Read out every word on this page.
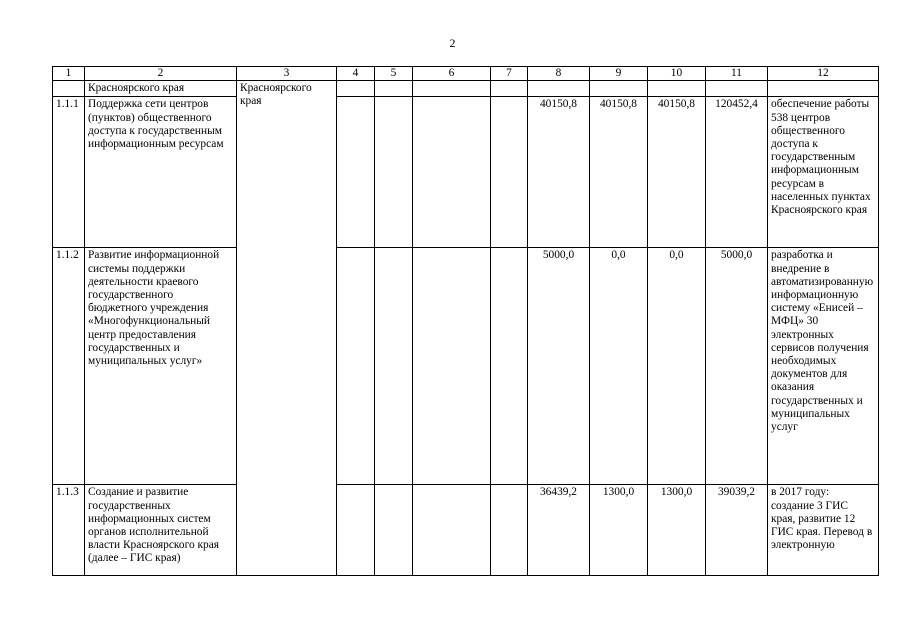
2
1	2	3	4	5	6	7	8	9	10	11	12
	Красноярского края	Красноярского края									
1.1.1	Поддержка сети центров (пунктов) общественного доступа к государственным информационным ресурсам						40150,8	40150,8	40150,8	120452,4	обеспечение работы 538 центров общественного доступа к государственным информационным ресурсам в населенных пунктах Красноярского края
1.1.2	Развитие информационной системы поддержки деятельности краевого государственного бюджетного учреждения «Многофункциональный центр предоставления государственных и муниципальных услуг»						5000,0	0,0	0,0	5000,0	разработка и внедрение в автоматизированную информационную систему «Енисей – МФЦ» 30 электронных сервисов получения необходимых документов для оказания государственных и муниципальных услуг
1.1.3	Создание и развитие государственных информационных систем органов исполнительной власти Красноярского края (далее – ГИС края)						36439,2	1300,0	1300,0	39039,2	в 2017 году: создание 3 ГИС края, развитие 12 ГИС края. Перевод в электронную
